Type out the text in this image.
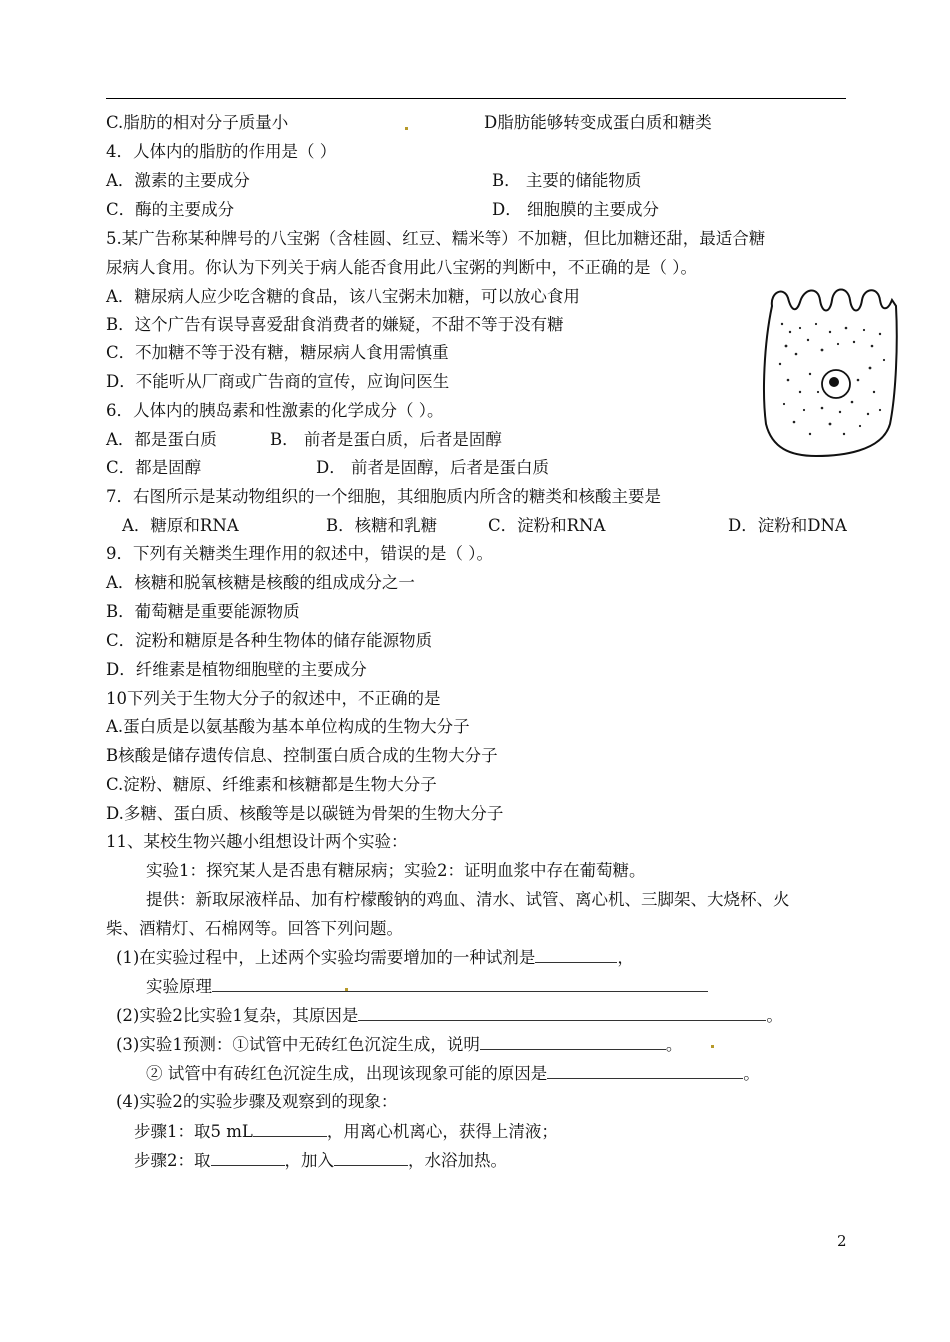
C.脂肪的相对分子质量小	D脂肪能够转变成蛋白质和糖类
4．人体内的脂肪的作用是（ ）
A．激素的主要成分	B． 主要的储能物质
C．酶的主要成分	D． 细胞膜的主要成分
5.某广告称某种牌号的八宝粥（含桂圆、红豆、糯米等）不加糖，但比加糖还甜，最适合糖
尿病人食用。你认为下列关于病人能否食用此八宝粥的判断中，不正确的是（ ）。
A．糖尿病人应少吃含糖的食品，该八宝粥未加糖，可以放心食用
B．这个广告有误导喜爱甜食消费者的嫌疑，不甜不等于没有糖
C．不加糖不等于没有糖，糖尿病人食用需慎重
D．不能听从厂商或广告商的宣传，应询问医生
6．人体内的胰岛素和性激素的化学成分（ ）。
A．都是蛋白质	B． 前者是蛋白质，后者是固醇
C．都是固醇	D． 前者是固醇，后者是蛋白质
7．右图所示是某动物组织的一个细胞，其细胞质内所含的糖类和核酸主要是
A．糖原和RNA	B．核糖和乳糖	C．淀粉和RNA	D．淀粉和DNA
9．下列有关糖类生理作用的叙述中，错误的是（ ）。
A．核糖和脱氧核糖是核酸的组成成分之一
B．葡萄糖是重要能源物质
C．淀粉和糖原是各种生物体的储存能源物质
D．纤维素是植物细胞壁的主要成分
10下列关于生物大分子的叙述中，不正确的是
A.蛋白质是以氨基酸为基本单位构成的生物大分子
B核酸是储存遗传信息、控制蛋白质合成的生物大分子
C.淀粉、糖原、纤维素和核糖都是生物大分子
D.多糖、蛋白质、核酸等是以碳链为骨架的生物大分子
11、某校生物兴趣小组想设计两个实验：
实验1：探究某人是否患有糖尿病；实验2：证明血浆中存在葡萄糖。
提供：新取尿液样品、加有柠檬酸钠的鸡血、清水、试管、离心机、三脚架、大烧杯、火
柴、酒精灯、石棉网等。回答下列问题。
(1)在实验过程中，上述两个实验均需要增加的一种试剂是	，
实验原理
(2)实验2比实验1复杂，其原因是	。
(3)实验1预测：①试管中无砖红色沉淀生成，说明	。
② 试管中有砖红色沉淀生成，出现该现象可能的原因是	。
(4)实验2的实验步骤及观察到的现象：
步骤1：取5 mL	，用离心机离心，获得上清液；
步骤2：取	，加入	，水浴加热。
2
